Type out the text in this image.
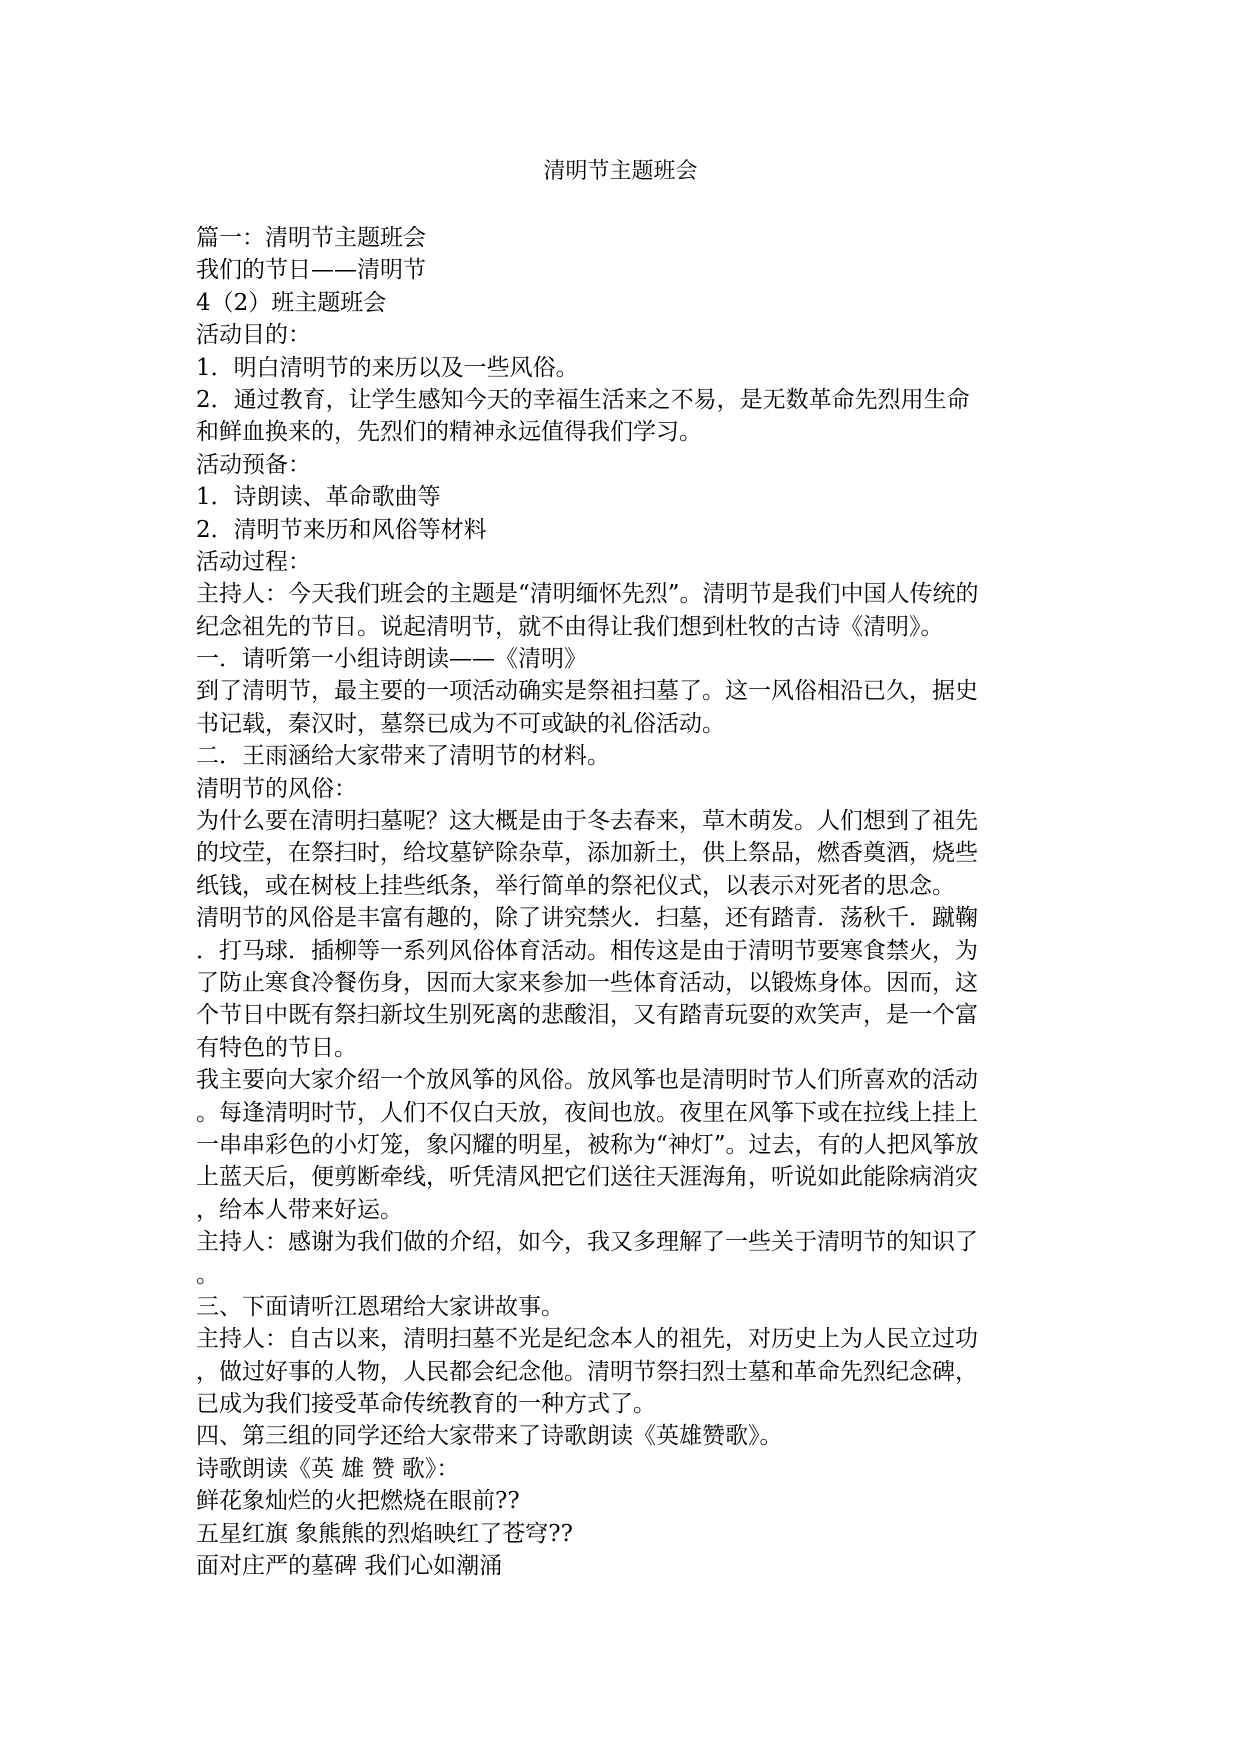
清明节主题班会
篇一：清明节主题班会
我们的节日——清明节
4（2）班主题班会
活动目的：
1．明白清明节的来历以及一些风俗。
2．通过教育，让学生感知今天的幸福生活来之不易，是无数革命先烈用生命
和鲜血换来的，先烈们的精神永远值得我们学习。
活动预备：
1．诗朗读、革命歌曲等
2．清明节来历和风俗等材料
活动过程：
主持人：今天我们班会的主题是“清明缅怀先烈”。清明节是我们中国人传统的
纪念祖先的节日。说起清明节，就不由得让我们想到杜牧的古诗《清明》。
一．请听第一小组诗朗读——《清明》
到了清明节，最主要的一项活动确实是祭祖扫墓了。这一风俗相沿已久，据史
书记载，秦汉时，墓祭已成为不可或缺的礼俗活动。
二．王雨涵给大家带来了清明节的材料。
清明节的风俗：
为什么要在清明扫墓呢？这大概是由于冬去春来，草木萌发。人们想到了祖先
的坟茔，在祭扫时，给坟墓铲除杂草，添加新土，供上祭品，燃香奠酒，烧些
纸钱，或在树枝上挂些纸条，举行简单的祭祀仪式，以表示对死者的思念。
清明节的风俗是丰富有趣的，除了讲究禁火．扫墓，还有踏青．荡秋千．蹴鞠
．打马球．插柳等一系列风俗体育活动。相传这是由于清明节要寒食禁火，为
了防止寒食冷餐伤身，因而大家来参加一些体育活动，以锻炼身体。因而，这
个节日中既有祭扫新坟生别死离的悲酸泪，又有踏青玩耍的欢笑声，是一个富
有特色的节日。
我主要向大家介绍一个放风筝的风俗。放风筝也是清明时节人们所喜欢的活动
。每逢清明时节，人们不仅白天放，夜间也放。夜里在风筝下或在拉线上挂上
一串串彩色的小灯笼，象闪耀的明星，被称为“神灯”。过去，有的人把风筝放
上蓝天后，便剪断牵线，听凭清风把它们送往天涯海角，听说如此能除病消灾
，给本人带来好运。
主持人：感谢为我们做的介绍，如今，我又多理解了一些关于清明节的知识了
。
三、下面请听江恩珺给大家讲故事。
主持人：自古以来，清明扫墓不光是纪念本人的祖先，对历史上为人民立过功
，做过好事的人物，人民都会纪念他。清明节祭扫烈士墓和革命先烈纪念碑，
已成为我们接受革命传统教育的一种方式了。
四、第三组的同学还给大家带来了诗歌朗读《英雄赞歌》。
诗歌朗读《英 雄 赞 歌》：
鲜花象灿烂的火把燃烧在眼前??
五星红旗 象熊熊的烈焰映红了苍穹??
面对庄严的墓碑 我们心如潮涌
